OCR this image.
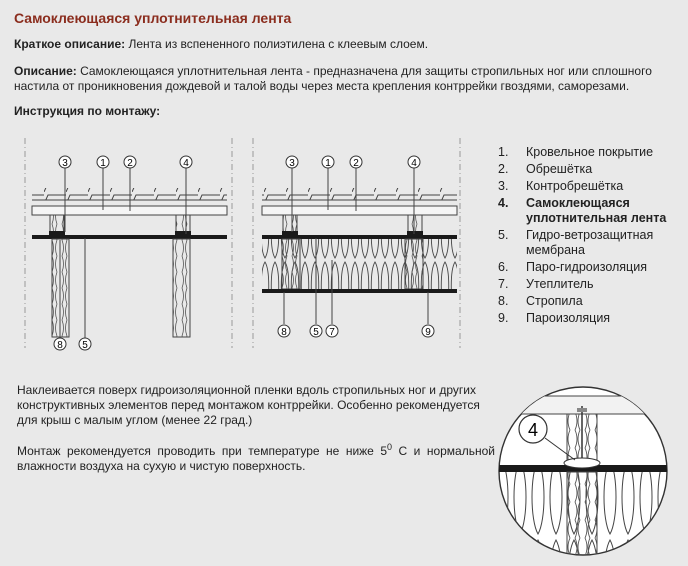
Самоклеющаяся уплотнительная лента
Краткое описание: Лента из вспененного полиэтилена с клеевым слоем.
Описание: Самоклеющаяся уплотнительная лента - предназначена для защиты стропильных ног или сплошного настила от проникновения дождевой и талой воды через места крепления контррейки гвоздями, саморезами.
Инструкция по монтажу:
3	1 2	4
8 5
3	1 2	4
8	5 7	9
1. Кровельное покрытие
2. Обрешётка
3. Контробрешётка
4. Самоклеющаяся уплотнительная лента
5. Гидро-ветрозащитная мембрана
6. Паро-гидроизоляция
7. Утеплитель
8. Стропила
9. Пароизоляция
Наклеивается поверх гидроизоляционной пленки вдоль стропильных ног и других конструктивных элементов перед монтажом контррейки. Особенно рекомендуется для крыш с малым углом (менее 22 град.)
Монтаж рекомендуется проводить при температуре не ниже $5^0$ С и нормальной влажности воздуха на сухую и чистую поверхность.
4
